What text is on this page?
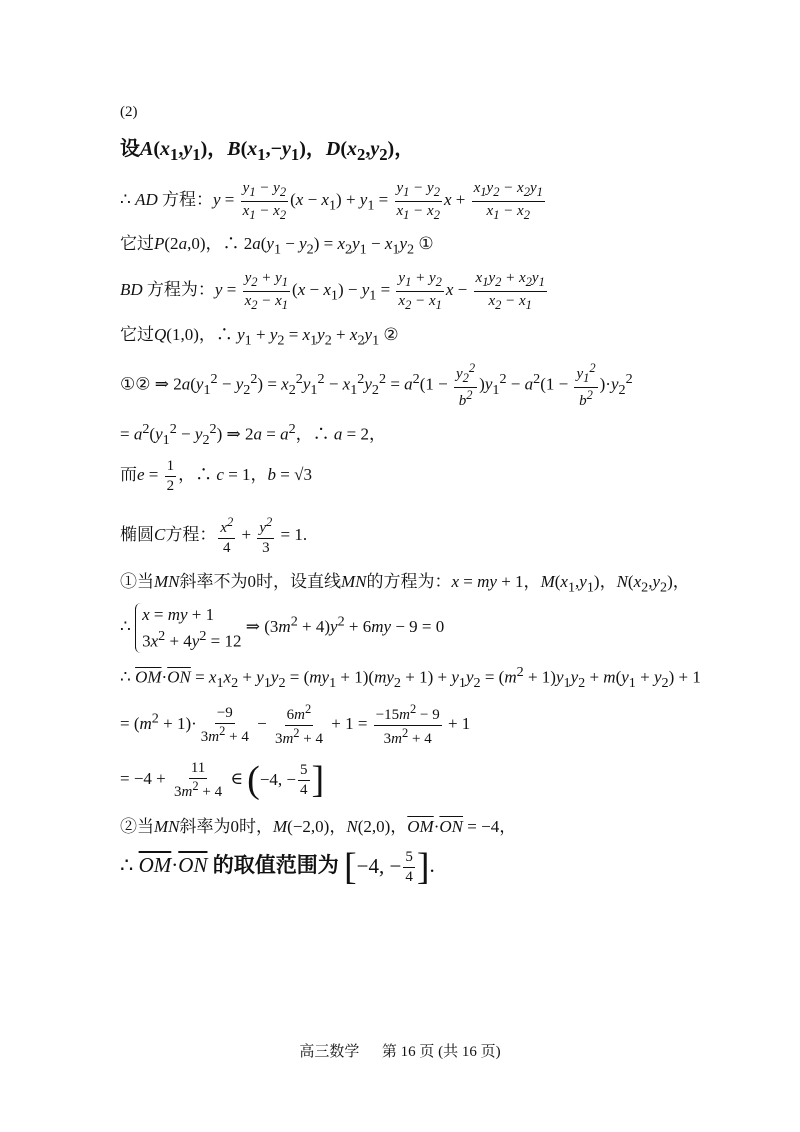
(2)
设$A(x_1,y_1)$，$B(x_1,-y_1)$，$D(x_2,y_2)$，
∴ AD 方程：$y = \frac{y_1 - y_2}{x_1 - x_2} (x - x_1) + y_1 = \frac{y_1 - y_2}{x_1 - x_2}$ $x + \frac{x_1y_2 - x_2y_1}{x_1 - x_2}$
它过P(2a,0)，∴ $2a(y_1 - y_2) = x_2y_1 - x_1y_2$ ①
BD 方程为：$y = \frac{y_2 + y_1}{x_2 - x_1} (x - x_1) - y_1 = \frac{y_1 + y_2}{x_2 - x_1}$ $x - \frac{x_1y_2 + x_2y_1}{x_2 - x_1}$
它过Q(1,0)，∴ $y_1 + y_2 = x_1y_2 + x_2y_1$ ②
①② ⇒ $2a(y_1^2 - y_2^2) = x_2^2y_1^2 - x_1^2y_2^2 = a^2(1 - \frac{y_2^2}{b^2} )y_1^2 - a^2(1 - \frac{y_1^2}{b^2} )\cdot y_2^2$
= $a^2(y_1^2 - y_2^2)$ ⇒ $2a = a^2$，∴ a = 2，
而$e = \frac{1}{2}$ ，∴ c = 1，b = √3
椭圆C方程： $\frac{x^2}{4} + \frac{y^2}{3} = 1$.
①当MN斜率不为0时，设直线MN的方程为：x = my + 1，$M(x_1,y_1)$，$N(x_2,y_2)$，
∴ x = my + 1
$3x^2 + 4y^2 = 12$ ⇒ $(3m^2 + 4)y^2 + 6my - 9 = 0$
∴ $\overline{OM}\cdot\overline{ON} = x_1x_2 + y_1y_2 = (my_1 + 1)(my_2 + 1) + y_1y_2 = (m^2 + 1)y_1y_2 + m(y_1 + y_2) + 1$
= $(m^2 + 1)\cdot \frac{-9}{3m^2 + 4} - \frac{6m^2}{3m^2 + 4} + 1 = \frac{-15m^2 - 9}{3m^2 + 4} + 1$
= $-4 + \frac{11}{3m^2 + 4}$ ∈ ( −4, − $\frac{5}{4}$ ]
②当MN斜率为0时，M(−2,0)，N(2,0)，$\overline{OM}\cdot\overline{ON} = -4$，
∴ $\overline{OM}\cdot\overline{ON}$ 的取值范围为 [ −4, − $\frac{5}{4}$ ] .
高三数学 第 16 页 (共 16 页)
